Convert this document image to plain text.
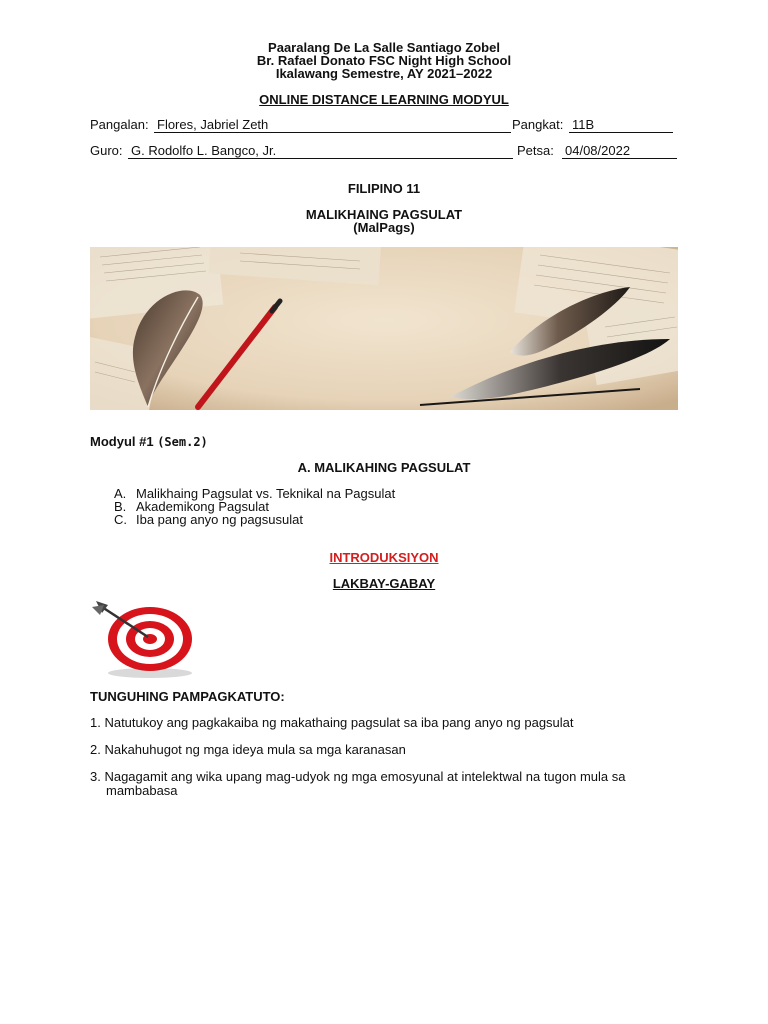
Paaralang De La Salle Santiago Zobel
Br. Rafael Donato FSC Night High School
Ikalawang Semestre, AY 2021–2022
ONLINE DISTANCE LEARNING MODYUL
Pangalan: Flores, Jabriel Zeth	Pangkat: 11B
Guro: G. Rodolfo L. Bangco, Jr.	Petsa: 04/08/2022
FILIPINO 11
MALIKHAING PAGSULAT
(MalPags)
Modyul #1 (Sem.2)
A. MALIKAHING PAGSULAT
A. Malikhaing Pagsulat vs. Teknikal na Pagsulat
B. Akademikong Pagsulat
C. Iba pang anyo ng pagsusulat
INTRODUKSIYON
LAKBAY-GABAY
TUNGUHING PAMPAGKATUTO:
1. Natutukoy ang pagkakaiba ng makathaing pagsulat sa iba pang anyo ng pagsulat
2. Nakahuhugot ng mga ideya mula sa mga karanasan
3. Nagagamit ang wika upang mag-udyok ng mga emosyunal at intelektwal na tugon mula sa
mambabasa
